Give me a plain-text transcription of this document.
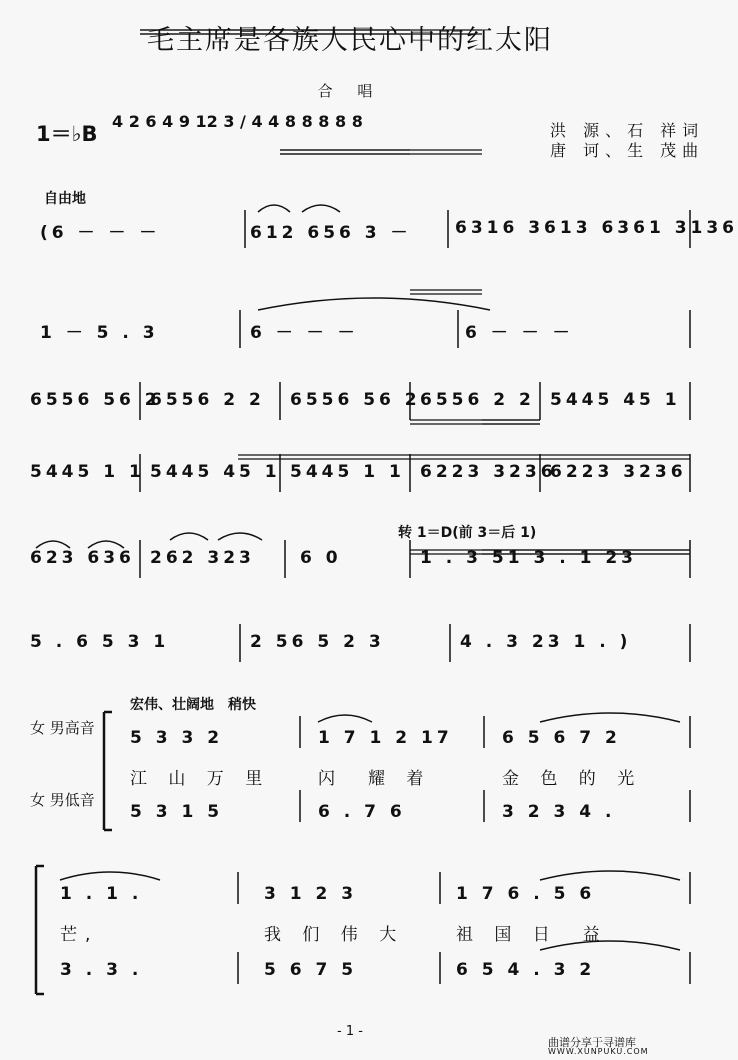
毛主席是各族人民心中的红太阳
合 唱
1＝♭B
4 2 6 4 9 12 3 / 4 4 8 8 8 8 8	洪 源、石 祥词
唐 诃、生 茂曲
自由地
转 1＝D(前 3＝后 1)
宏伟、壮阔地　稍快
(6 － － －	612 656 3 －	6316 3613 6361 3136
1 － 5 . 3	6 － － －	6 － － －
6556 56 2
6556 2 2 6556 56 2 6556 2 2 5445 45 1
5445 1 1 5445 45 1 5445 1 1 6223 3236
6223 3236
623 636 262 323	6 0	1 . 3 51 3 . 1 23
5 . 6 5 3 1	2 56 5 2 3	4 . 3 23 1 . )
女 男高音
女 男低音
5 3 3 2	1 7 1 2 17	6 5 6 7 2
江 山 万 里	闪　耀 着	金 色 的 光
5 3 1 5	6 . 7 6	3 2 3 4 .
1 . 1 .	3 1 2 3	1 7 6 . 5 6
芒,	我 们 伟 大	祖 国 日　益
3 . 3 .	5 6 7 5	6 5 4 . 3 2
- 1 -
曲谱分享于寻谱库
WWW.XUNPUKU.COM
